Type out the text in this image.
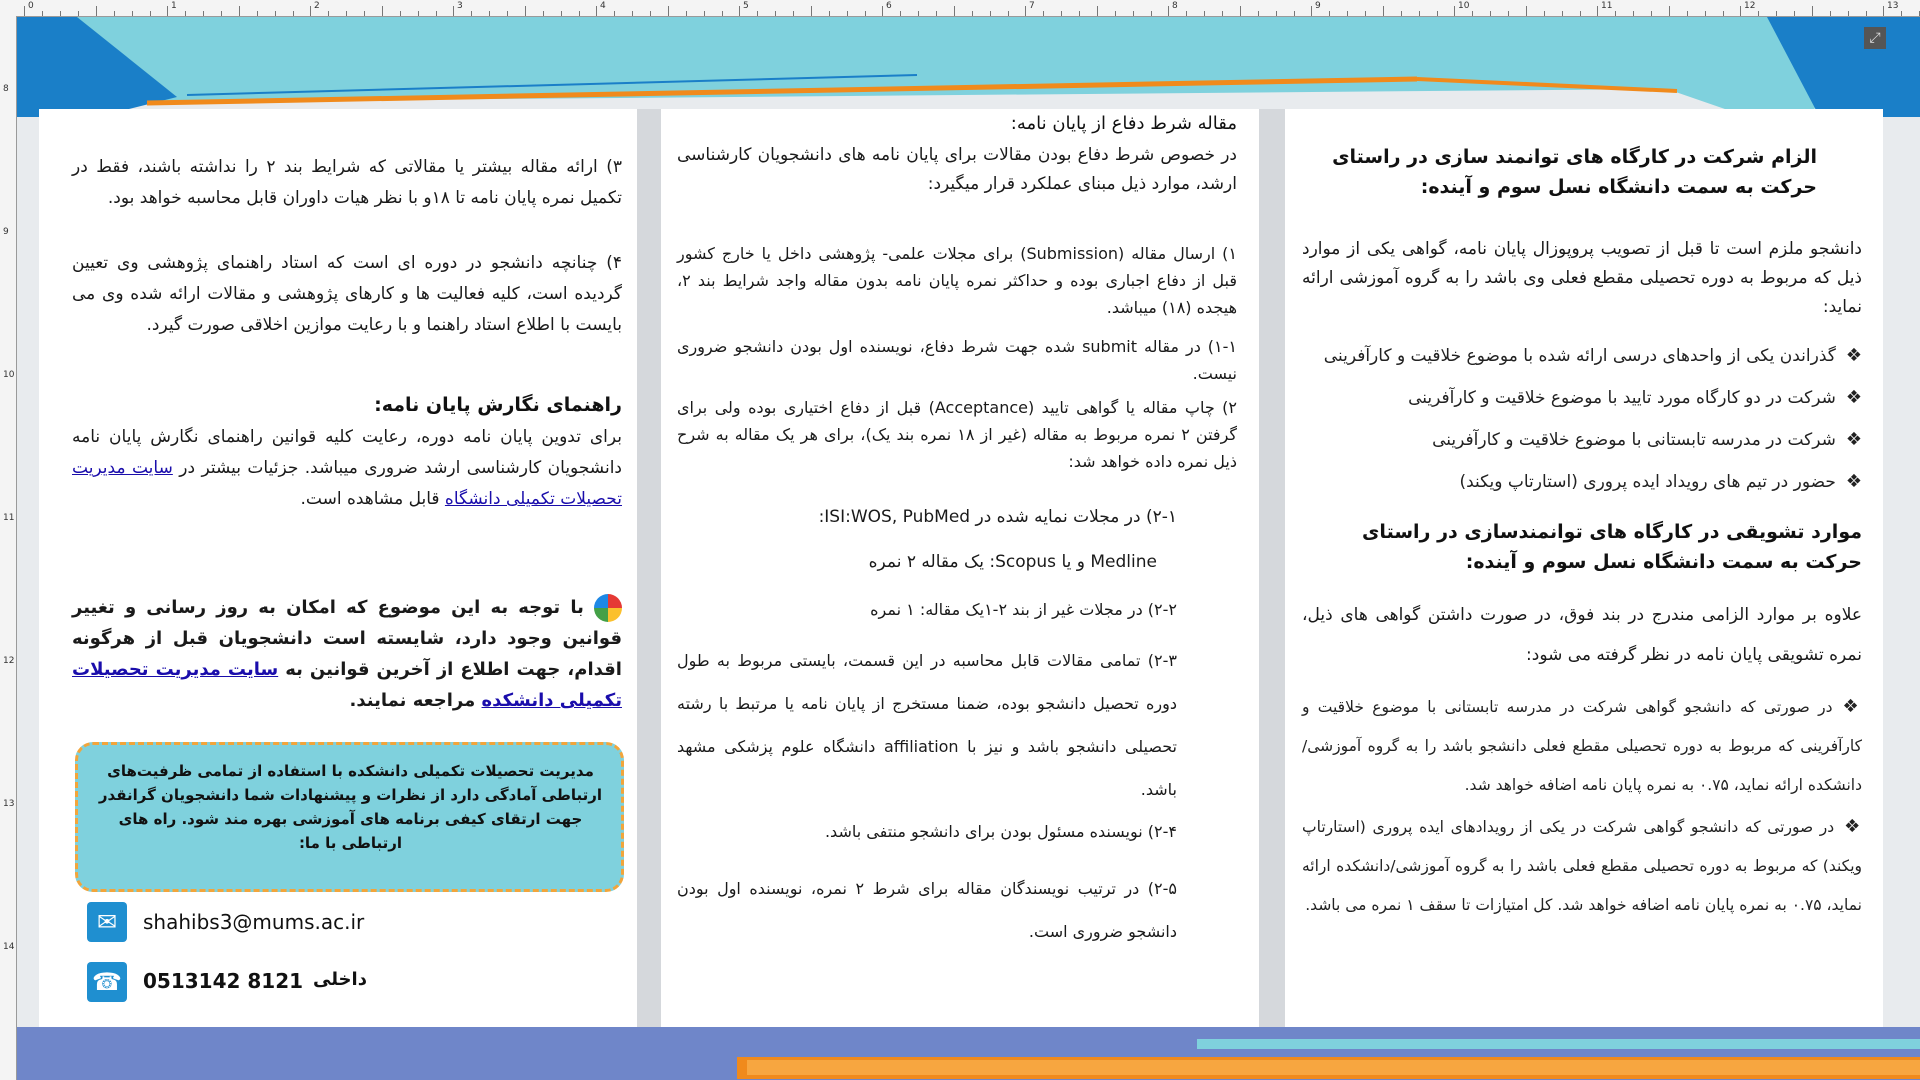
0	1	2	3	4	5	6	7	8	9	10	11	12	13
8
9
10
11
12
13
14
⤢
الزام شرکت در کارگاه های توانمند سازی در راستای حرکت به سمت دانشگاه نسل سوم و آینده:
دانشجو ملزم است تا قبل از تصویب پروپوزال پایان نامه، گواهی یکی از موارد ذیل که مربوط به دوره تحصیلی مقطع فعلی وی باشد را به گروه آموزشی ارائه نماید:
❖گذراندن یکی از واحدهای درسی ارائه شده با موضوع خلاقیت و کارآفرینی
❖شرکت در دو کارگاه مورد تایید با موضوع خلاقیت و کارآفرینی
❖شرکت در مدرسه تابستانی با موضوع خلاقیت و کارآفرینی
❖حضور در تیم های رویداد ایده پروری (استارتاپ ویکند)
موارد تشویقی در کارگاه های توانمندسازی در راستای حرکت به سمت دانشگاه نسل سوم و آینده:
علاوه بر موارد الزامی مندرج در بند فوق، در صورت داشتن گواهی های ذیل، نمره تشویقی پایان نامه در نظر گرفته می شود:
❖در صورتی که دانشجو گواهی شرکت در مدرسه تابستانی با موضوع خلاقیت و کارآفرینی که مربوط به دوره تحصیلی مقطع فعلی دانشجو باشد را به گروه آموزشی/ دانشکده ارائه نماید، ۰.۷۵ به نمره پایان نامه اضافه خواهد شد.
❖در صورتی که دانشجو گواهی شرکت در یکی از رویدادهای ایده پروری (استارتاپ ویکند) که مربوط به دوره تحصیلی مقطع فعلی باشد را به گروه آموزشی/دانشکده ارائه نماید، ۰.۷۵ به نمره پایان نامه اضافه خواهد شد. کل امتیازات تا سقف ۱ نمره می باشد.
مقاله شرط دفاع از پایان نامه:
در خصوص شرط دفاع بودن مقالات برای پایان نامه های دانشجویان کارشناسی ارشد، موارد ذیل مبنای عملکرد قرار میگیرد:
۱) ارسال مقاله (Submission) برای مجلات علمی- پژوهشی داخل یا خارج کشور قبل از دفاع اجباری بوده و حداکثر نمره پایان نامه بدون مقاله واجد شرایط بند ۲، هیجده (۱۸) میباشد.
۱-۱) در مقاله submit شده جهت شرط دفاع، نویسنده اول بودن دانشجو ضروری نیست.
۲) چاپ مقاله یا گواهی تایید (Acceptance) قبل از دفاع اختیاری بوده ولی برای گرفتن ۲ نمره مربوط به مقاله (غیر از ۱۸ نمره بند یک)، برای هر یک مقاله به شرح ذیل نمره داده خواهد شد:
۲-۱) در مجلات نمایه شده در ISI:WOS, PubMed:
Medline و یا Scopus: یک مقاله ۲ نمره
۲-۲) در مجلات غیر از بند ۲-۱یک مقاله: ۱ نمره
۲-۳) تمامی مقالات قابل محاسبه در این قسمت، بایستی مربوط به طول دوره تحصیل دانشجو بوده، ضمنا مستخرج از پایان نامه یا مرتبط با رشته تحصیلی دانشجو باشد و نیز با affiliation دانشگاه علوم پزشکی مشهد باشد.
۲-۴) نویسنده مسئول بودن برای دانشجو منتفی باشد.
۲-۵) در ترتیب نویسندگان مقاله برای شرط ۲ نمره، نویسنده اول بودن دانشجو ضروری است.
۳) ارائه مقاله بیشتر یا مقالاتی که شرایط بند ۲ را نداشته باشند، فقط در تکمیل نمره پایان نامه تا ۱۸و با نظر هیات داوران قابل محاسبه خواهد بود.
۴) چنانچه دانشجو در دوره ای است که استاد راهنمای پژوهشی وی تعیین گردیده است، کلیه فعالیت ها و کارهای پژوهشی و مقالات ارائه شده وی می بایست با اطلاع استاد راهنما و با رعایت موازین اخلاقی صورت گیرد.
راهنمای نگارش پایان نامه:
برای تدوین پایان نامه دوره، رعایت کلیه قوانین راهنمای نگارش پایان نامه دانشجویان کارشناسی ارشد ضروری میباشد. جزئیات بیشتر در سایت مدیریت تحصیلات تکمیلی دانشگاه قابل مشاهده است.
با توجه به این موضوع که امکان به روز رسانی و تغییر قوانین وجود دارد، شایسته است دانشجویان قبل از هرگونه اقدام، جهت اطلاع از آخرین قوانین به سایت مدیریت تحصیلات تکمیلی دانشکده مراجعه نمایند.
مدیریت تحصیلات تکمیلی دانشکده با استفاده از تمامی ظرفیت‌های ارتباطی آمادگی دارد از نظرات و پیشنهادات شما دانشجویان گرانقدر جهت ارتقای کیفی برنامه های آموزشی بهره مند شود. راه های ارتباطی با ما:
✉	shahibs3@mums.ac.ir
☎ 0513142 8121 داخلی
